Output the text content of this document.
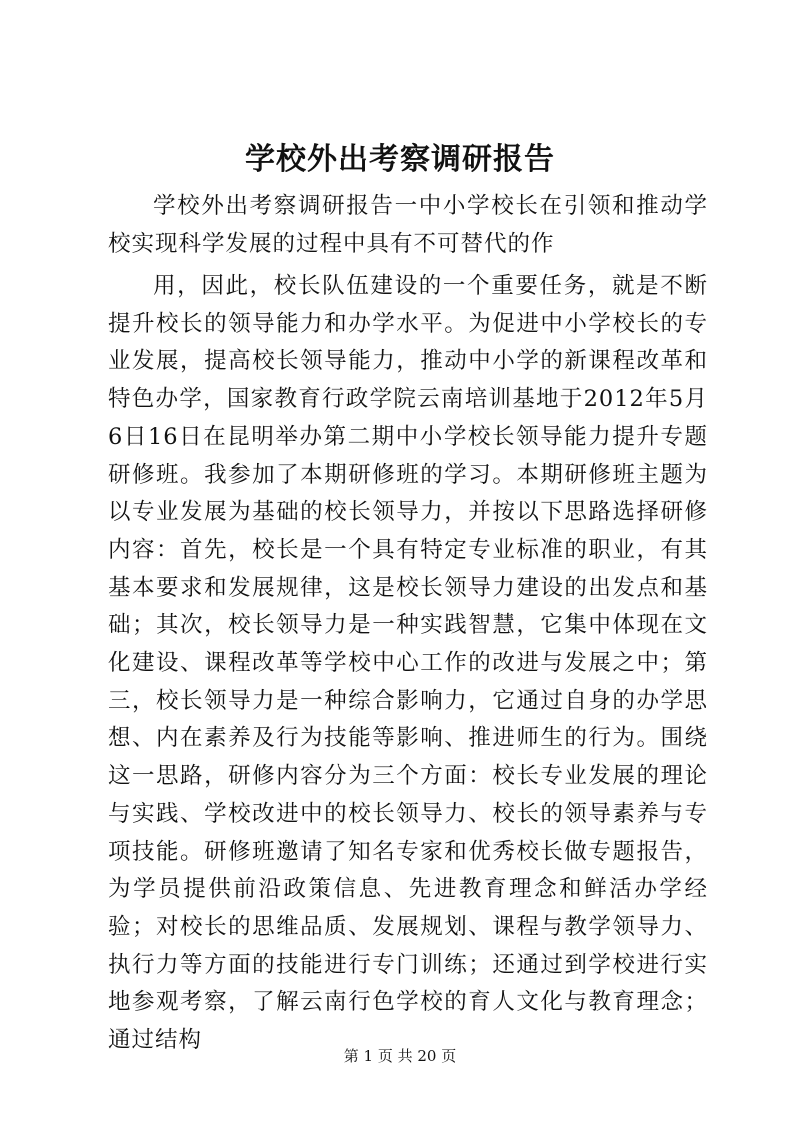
学校外出考察调研报告

学校外出考察调研报告一中小学校长在引领和推动学校实现科学发展的过程中具有不可替代的作

用，因此，校长队伍建设的一个重要任务，就是不断提升校长的领导能力和办学水平。为促进中小学校长的专业发展，提高校长领导能力，推动中小学的新课程改革和特色办学，国家教育行政学院云南培训基地于2012年5月6日16日在昆明举办第二期中小学校长领导能力提升专题研修班。我参加了本期研修班的学习。本期研修班主题为以专业发展为基础的校长领导力，并按以下思路选择研修内容：首先，校长是一个具有特定专业标准的职业，有其基本要求和发展规律，这是校长领导力建设的出发点和基础；其次，校长领导力是一种实践智慧，它集中体现在文化建设、课程改革等学校中心工作的改进与发展之中；第三，校长领导力是一种综合影响力，它通过自身的办学思想、内在素养及行为技能等影响、推进师生的行为。围绕这一思路，研修内容分为三个方面：校长专业发展的理论与实践、学校改进中的校长领导力、校长的领导素养与专项技能。研修班邀请了知名专家和优秀校长做专题报告，为学员提供前沿政策信息、先进教育理念和鲜活办学经验；对校长的思维品质、发展规划、课程与教学领导力、执行力等方面的技能进行专门训练；还通过到学校进行实地参观考察，了解云南行色学校的育人文化与教育理念；通过结构

第 1 页 共 20 页
